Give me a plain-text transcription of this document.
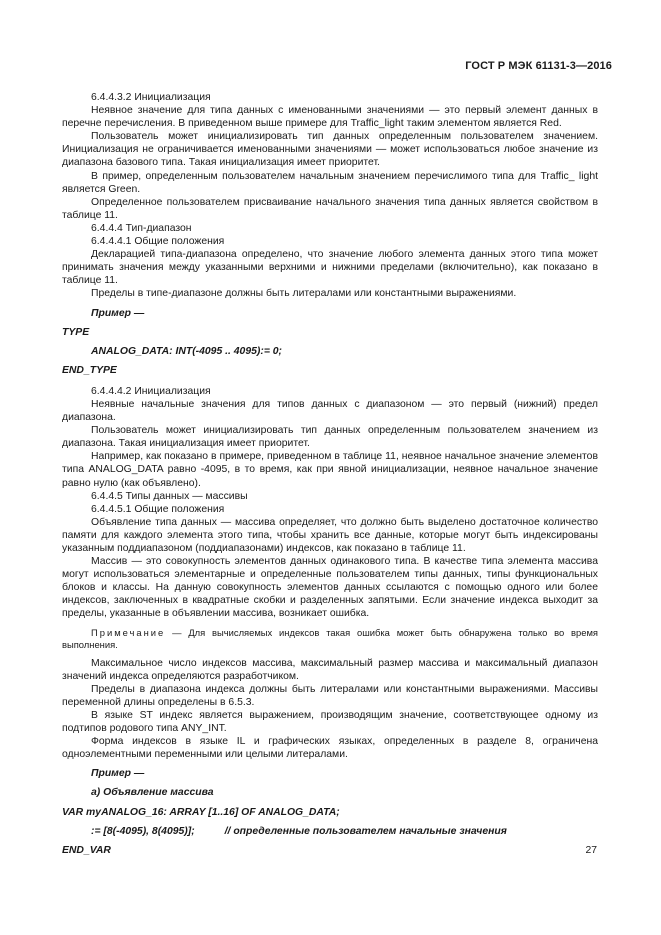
ГОСТ Р МЭК 61131-3—2016

6.4.4.3.2 Инициализация

Неявное значение для типа данных с именованными значениями — это первый элемент данных в перечне перечисления. В приведенном выше примере для Traffic_light таким элементом является Red.

Пользователь может инициализировать тип данных определенным пользователем значением. Инициализация не ограничивается именованными значениями — может использоваться любое значение из диапазона базового типа. Такая инициализация имеет приоритет.

В пример, определенным пользователем начальным значением перечислимого типа для Traffic_ light является Green.

Определенное пользователем присваивание начального значения типа данных является свойством в таблице 11.

6.4.4.4 Тип-диапазон

6.4.4.4.1 Общие положения

Декларацией типа-диапазона определено, что значение любого элемента данных этого типа может принимать значения между указанными верхними и нижними пределами (включительно), как показано в таблице 11.

Пределы в типе-диапазоне должны быть литералами или константными выражениями.

Пример —

TYPE

ANALOG_DATA: INT(-4095 .. 4095):= 0;

END_TYPE

6.4.4.4.2 Инициализация

Неявные начальные значения для типов данных с диапазоном — это первый (нижний) предел диапазона.

Пользователь может инициализировать тип данных определенным пользователем значением из диапазона. Такая инициализация имеет приоритет.

Например, как показано в примере, приведенном в таблице 11, неявное начальное значение элементов типа ANALOG_DATA равно -4095, в то время, как при явной инициализации, неявное начальное значение равно нулю (как объявлено).

6.4.4.5 Типы данных — массивы

6.4.4.5.1 Общие положения

Объявление типа данных — массива определяет, что должно быть выделено достаточное количество памяти для каждого элемента этого типа, чтобы хранить все данные, которые могут быть индексированы указанным поддиапазоном (поддиапазонами) индексов, как показано в таблице 11.

Массив — это совокупность элементов данных одинакового типа. В качестве типа элемента массива могут использоваться элементарные и определенные пользователем типы данных, типы функциональных блоков и классы. На данную совокупность элементов данных ссылаются с помощью одного или более индексов, заключенных в квадратные скобки и разделенных запятыми. Если значение индекса выходит за пределы, указанные в объявлении массива, возникает ошибка.

Примечание — Для вычисляемых индексов такая ошибка может быть обнаружена только во время выполнения.

Максимальное число индексов массива, максимальный размер массива и максимальный диапазон значений индекса определяются разработчиком.

Пределы в диапазона индекса должны быть литералами или константными выражениями. Массивы переменной длины определены в 6.5.3.

В языке ST индекс является выражением, производящим значение, соответствующее одному из подтипов родового типа ANY_INT.

Форма индексов в языке IL и графических языках, определенных в разделе 8, ограничена одноэлементными переменными или целыми литералами.

Пример —

а) Объявление массива

VAR myANALOG_16: ARRAY [1..16] OF ANALOG_DATA;

:= [8(-4095), 8(4095)];	// определенные пользователем начальные значения

END_VAR	27
